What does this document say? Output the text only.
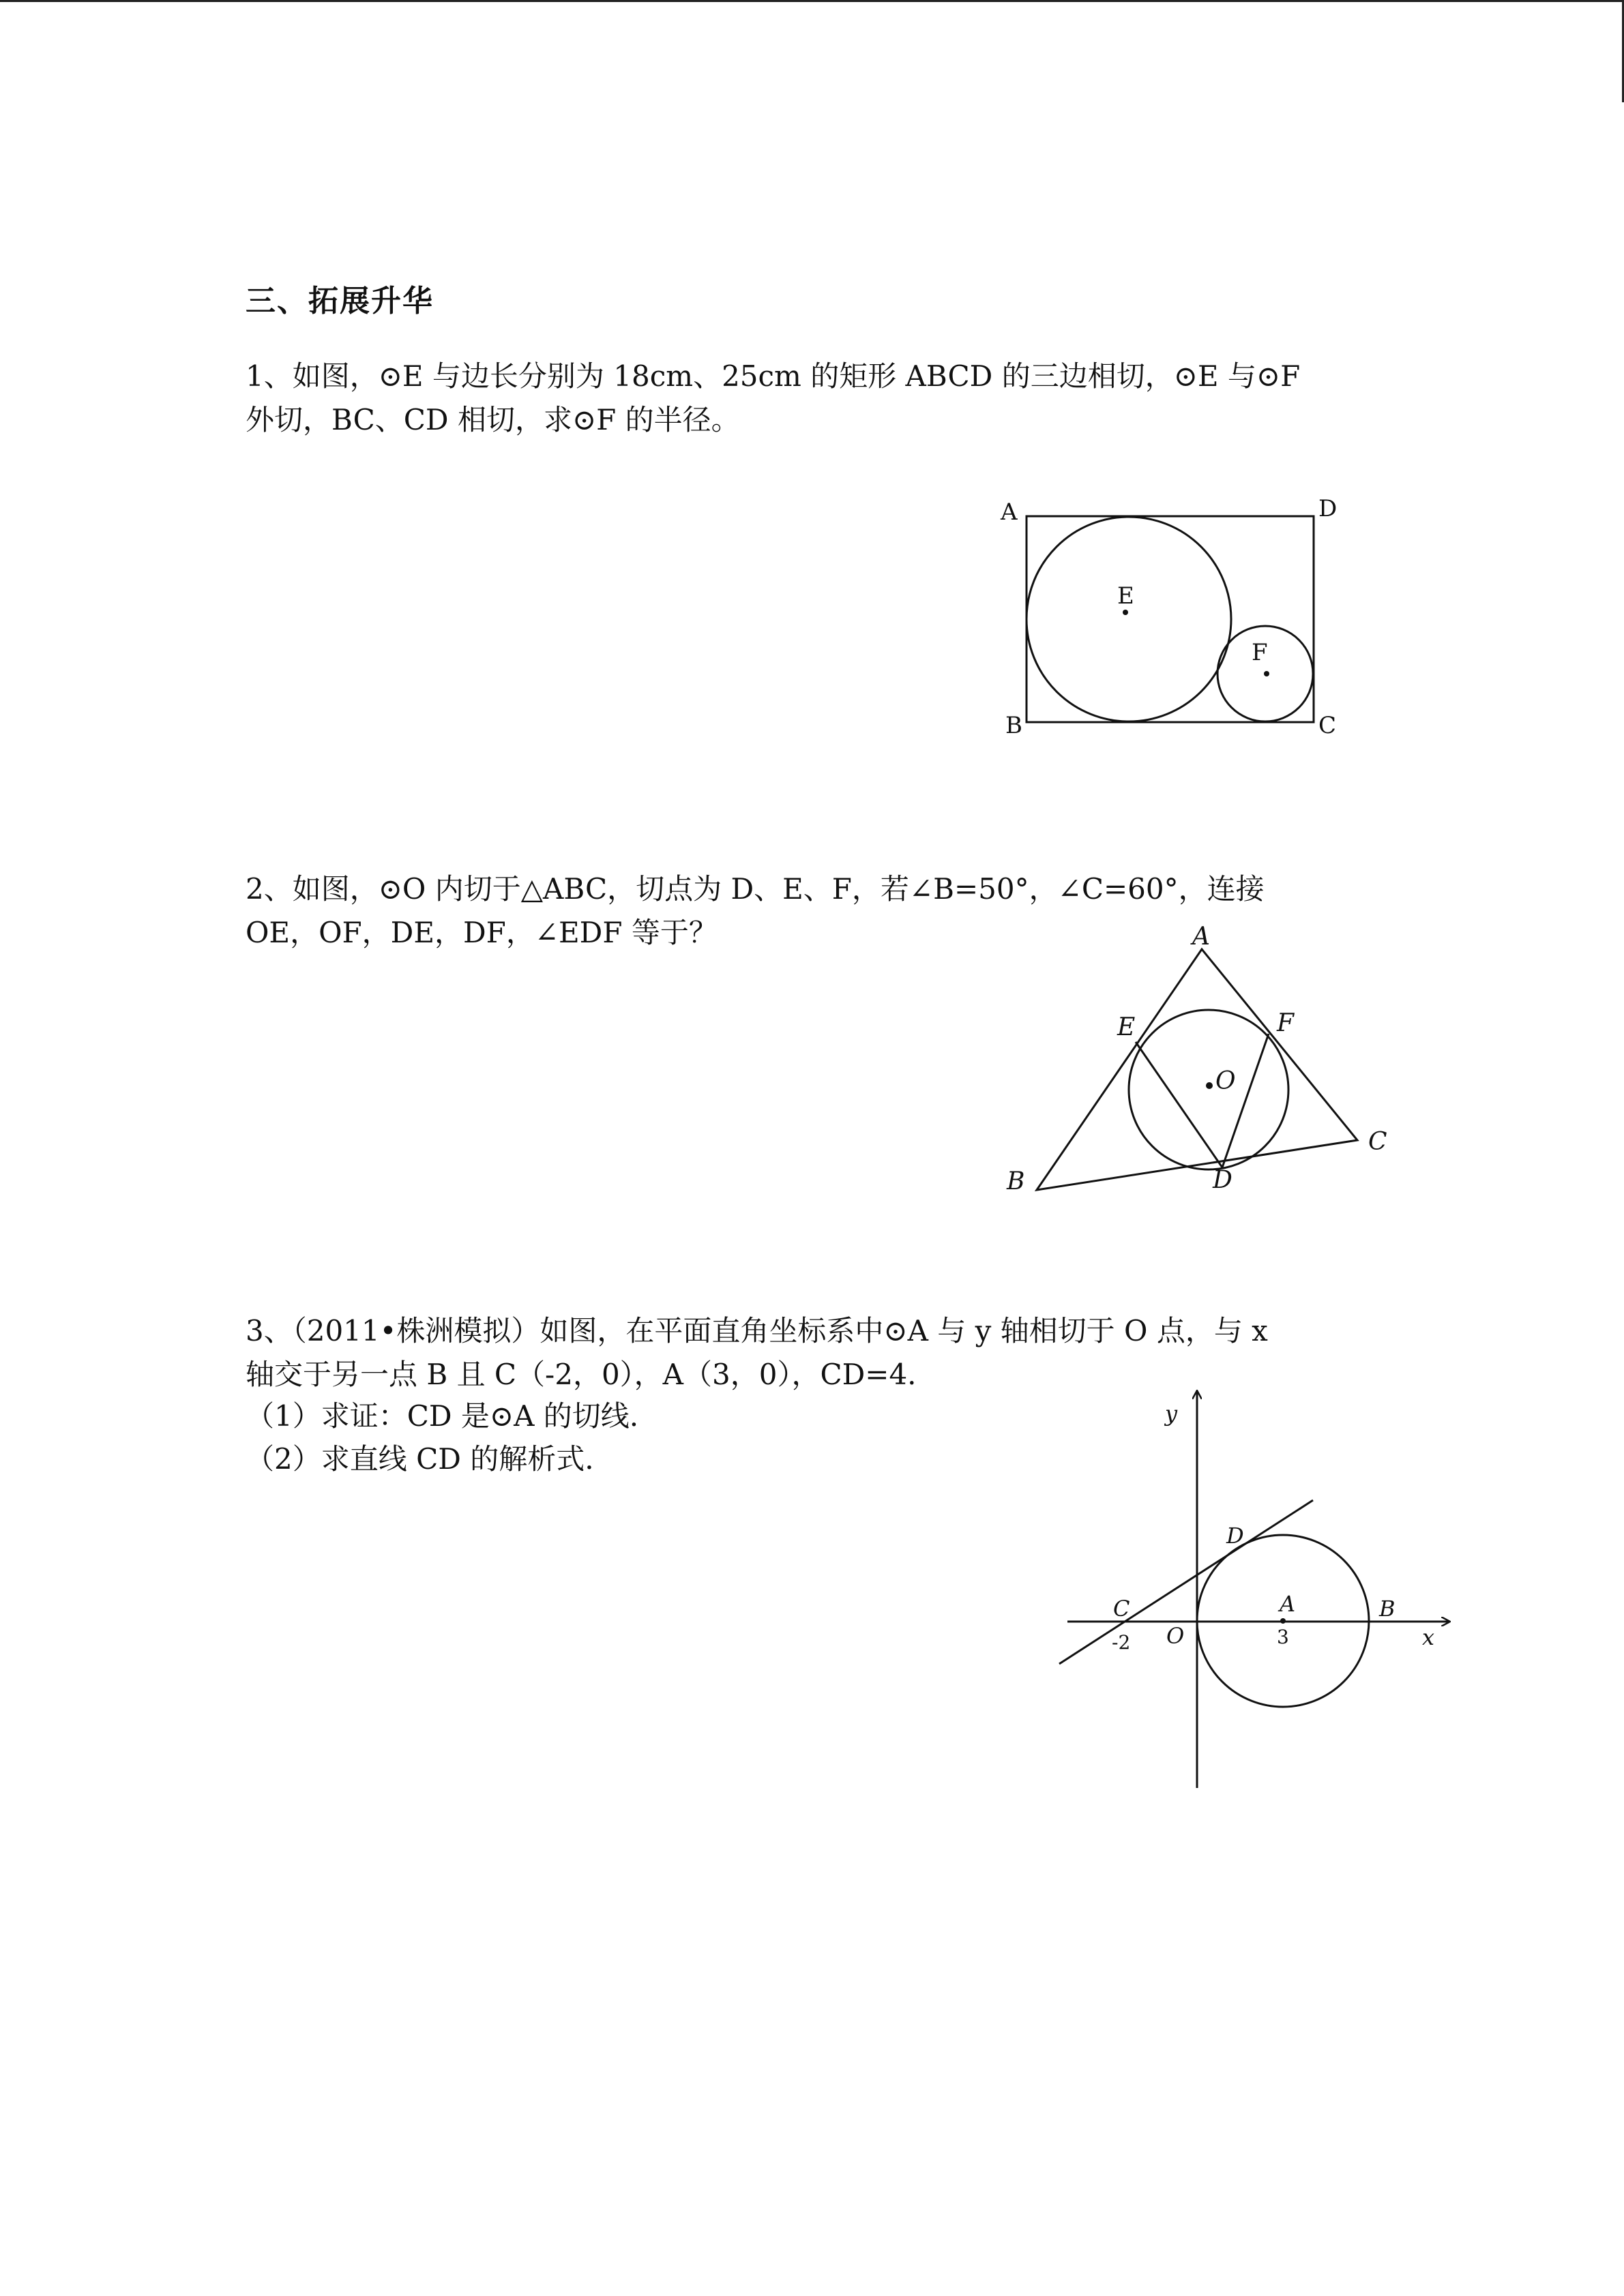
三、拓展升华

1、如图，⊙E 与边长分别为 18cm、25cm 的矩形 ABCD 的三边相切，⊙E 与⊙F

外切，BC、CD 相切，求⊙F 的半径。

2、如图，⊙O 内切于△ABC，切点为 D、E、F，若∠B=50°，∠C=60°，连接

OE，OF，DE，DF，∠EDF 等于？

3、（2011•株洲模拟）如图，在平面直角坐标系中⊙A 与 y 轴相切于 O 点，与 x

轴交于另一点 B 且 C（-2，0），A（3，0），CD=4.

（1）求证：CD 是⊙A 的切线.
（2）求直线 CD 的解析式.
A	D
B	C
E
F
A
E	F
O
C
B	D
y
x
D
C
O
A	B
-2	3
